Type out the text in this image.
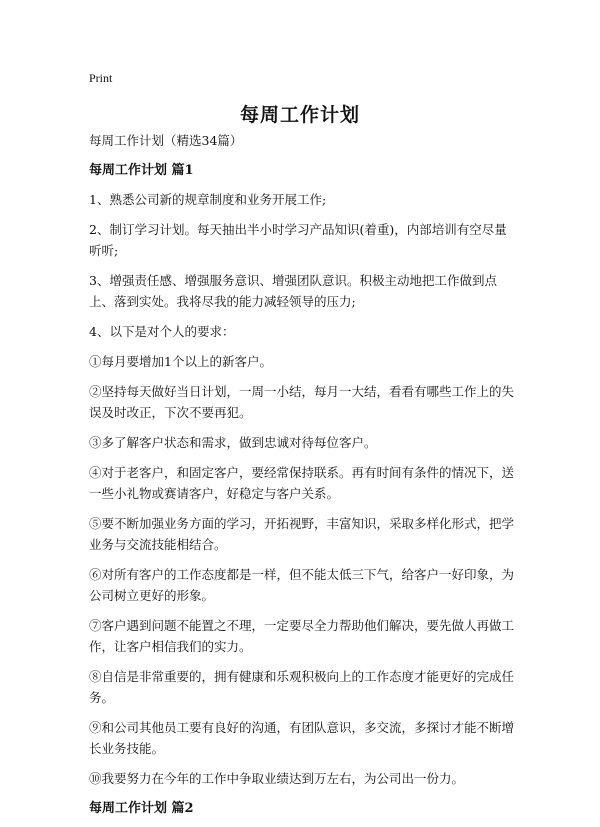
Print
每周工作计划

每周工作计划（精选34篇）

每周工作计划 篇1

1、熟悉公司新的规章制度和业务开展工作;

2、制订学习计划。每天抽出半小时学习产品知识(着重)，内部培训有空尽量听听;

3、增强责任感、增强服务意识、增强团队意识。积极主动地把工作做到点上、落到实处。我将尽我的能力减轻领导的压力;

4、以下是对个人的要求：

①每月要增加1个以上的新客户。

②坚持每天做好当日计划，一周一小结，每月一大结，看看有哪些工作上的失误及时改正，下次不要再犯。

③多了解客户状态和需求，做到忠诚对待每位客户。

④对于老客户，和固定客户，要经常保持联系。再有时间有条件的情况下，送一些小礼物或赛请客户，好稳定与客户关系。

⑤要不断加强业务方面的学习，开拓视野，丰富知识，采取多样化形式，把学业务与交流技能相结合。

⑥对所有客户的工作态度都是一样，但不能太低三下气，给客户一好印象，为公司树立更好的形象。

⑦客户遇到问题不能置之不理，一定要尽全力帮助他们解决，要先做人再做工作，让客户相信我们的实力。

⑧自信是非常重要的，拥有健康和乐观积极向上的工作态度才能更好的完成任务。

⑨和公司其他员工要有良好的沟通，有团队意识，多交流，多探讨才能不断增长业务技能。

⑩我要努力在今年的工作中争取业绩达到万左右，为公司出一份力。

每周工作计划 篇2
